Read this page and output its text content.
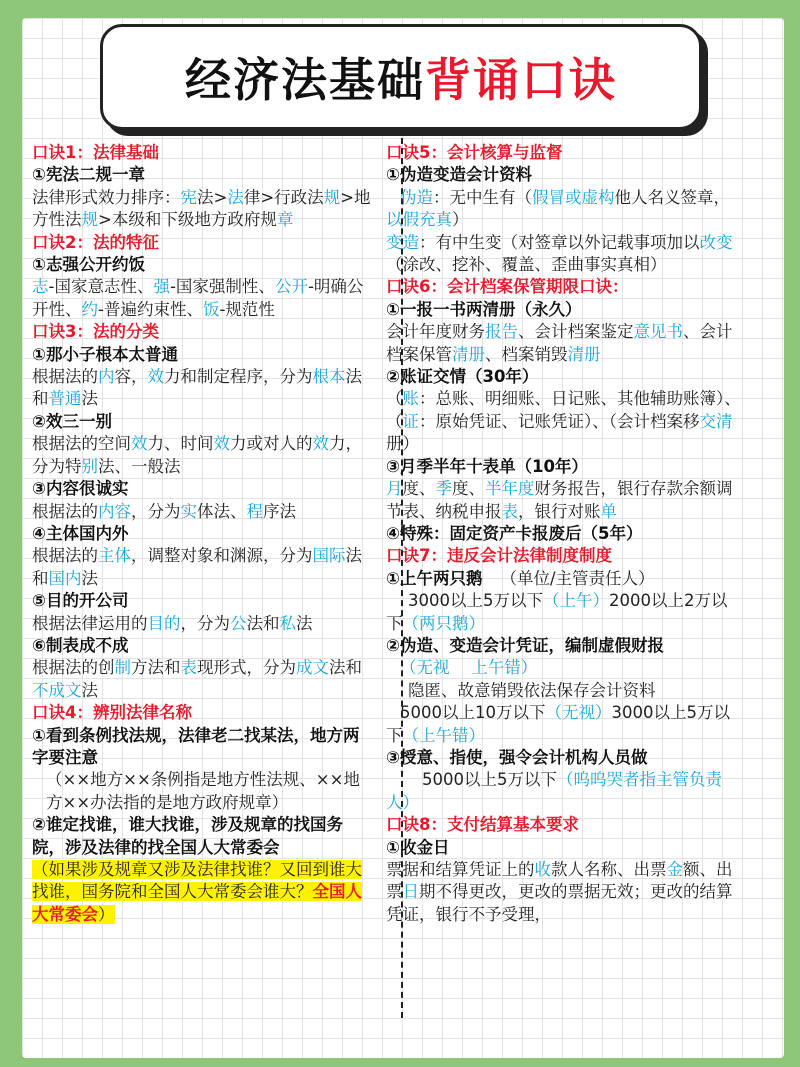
经济法基础 背诵口诀

口诀1：法律基础

①宪法二规一章

法律形式效力排序：宪法>法律>行政法规>地方性法规>本级和下级地方政府规章

口诀2：法的特征

①志强公开约饭

志-国家意志性、强-国家强制性、公开-明确公开性、约-普遍约束性、饭-规范性

口诀3：法的分类

①那小子根本太普通

根据法的内容，效力和制定程序，分为根本法和普通法

②效三一别

根据法的空间效力、时间效力或对人的效力，分为特别法、一般法

③内容很诚实

根据法的内容，分为实体法、程序法

④主体国内外

根据法的主体，调整对象和渊源，分为国际法和国内法

⑤目的开公司

根据法律运用的目的，分为公法和私法

⑥制表成不成

根据法的创制方法和表现形式，分为成文法和不成文法

口诀4：辨别法律名称

①看到条例找法规，法律老二找某法，地方两字要注意

（××地方××条例指是地方性法规、××地方××办法指的是地方政府规章）

②谁定找谁，谁大找谁，涉及规章的找国务院，涉及法律的找全国人大常委会

（如果涉及规章又涉及法律找谁？又回到谁大找谁，国务院和全国人大常委会谁大？全国人大常委会）

口诀5：会计核算与监督

①伪造变造会计资料

伪造：无中生有（假冒或虚构他人名义签章，以假充真）

变造：有中生变（对签章以外记载事项加以改变（涂改、挖补、覆盖、歪曲事实真相）

口诀6：会计档案保管期限口诀：

①一报一书两清册（永久）

会计年度财务报告、会计档案鉴定意见书、会计档案保管清册、档案销毁清册

②账证交情（30年）

（账：总账、明细账、日记账、其他辅助账簿）、（证：原始凭证、记账凭证）、（会计档案移交清册）

③月季半年十表单（10年）

月度、季度、半年度财务报告，银行存款余额调节表、纳税申报表，银行对账单

④特殊：固定资产卡报废后（5年）

口诀7：违反会计法律制度制度

①上午两只鹅 （单位/主管责任人）

3000以上5万以下（上午）2000以上2万以下（两只鹅）

②伪造、变造会计凭证，编制虚假财报

（无视　 上午错）

隐匿、故意销毁依法保存会计资料

5000以上10万以下（无视）3000以上5万以下（上午错）

③授意、指使，强令会计机构人员做

5000以上5万以下（呜呜哭者指主管负责人）

口诀8：支付结算基本要求

①收金日

票据和结算凭证上的收款人名称、出票金额、出票日期不得更改，更改的票据无效；更改的结算凭证，银行不予受理，
